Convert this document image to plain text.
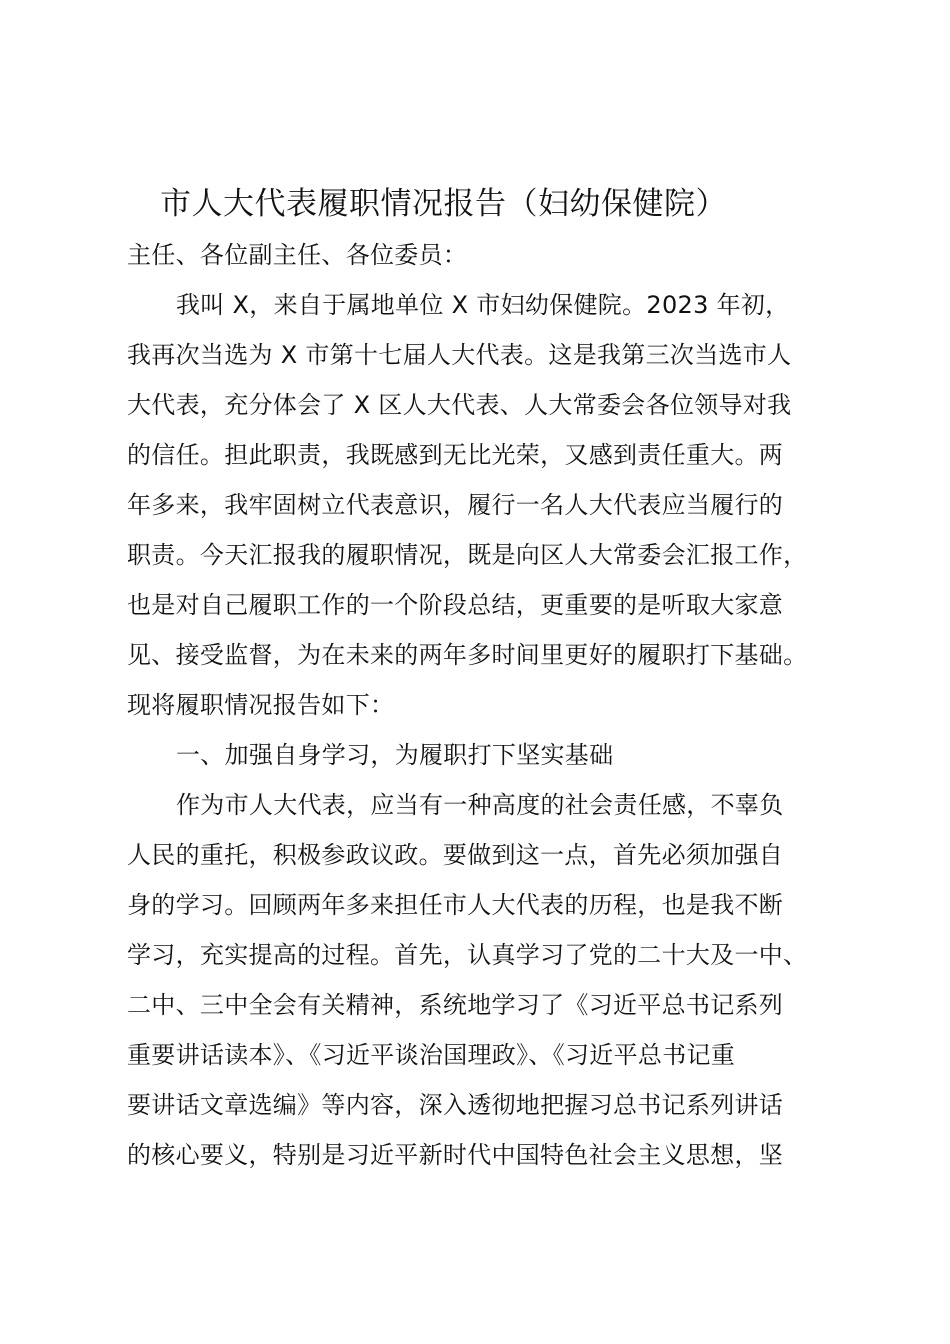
市人大代表履职情况报告（妇幼保健院）
主任、各位副主任、各位委员：
我叫 X，来自于属地单位 X 市妇幼保健院。2023 年初，
我再次当选为 X 市第十七届人大代表。这是我第三次当选市人
大代表，充分体会了 X 区人大代表、人大常委会各位领导对我
的信任。担此职责，我既感到无比光荣，又感到责任重大。两
年多来，我牢固树立代表意识，履行一名人大代表应当履行的
职责。今天汇报我的履职情况，既是向区人大常委会汇报工作，
也是对自己履职工作的一个阶段总结，更重要的是听取大家意
见、接受监督，为在未来的两年多时间里更好的履职打下基础。
现将履职情况报告如下：
一、加强自身学习，为履职打下坚实基础
作为市人大代表，应当有一种高度的社会责任感，不辜负
人民的重托，积极参政议政。要做到这一点，首先必须加强自
身的学习。回顾两年多来担任市人大代表的历程，也是我不断
学习，充实提高的过程。首先，认真学习了党的二十大及一中、
二中、三中全会有关精神，系统地学习了《习近平总书记系列
重要讲话读本》、《习近平谈治国理政》、《习近平总书记重
要讲话文章选编》等内容，深入透彻地把握习总书记系列讲话
的核心要义，特别是习近平新时代中国特色社会主义思想，坚
